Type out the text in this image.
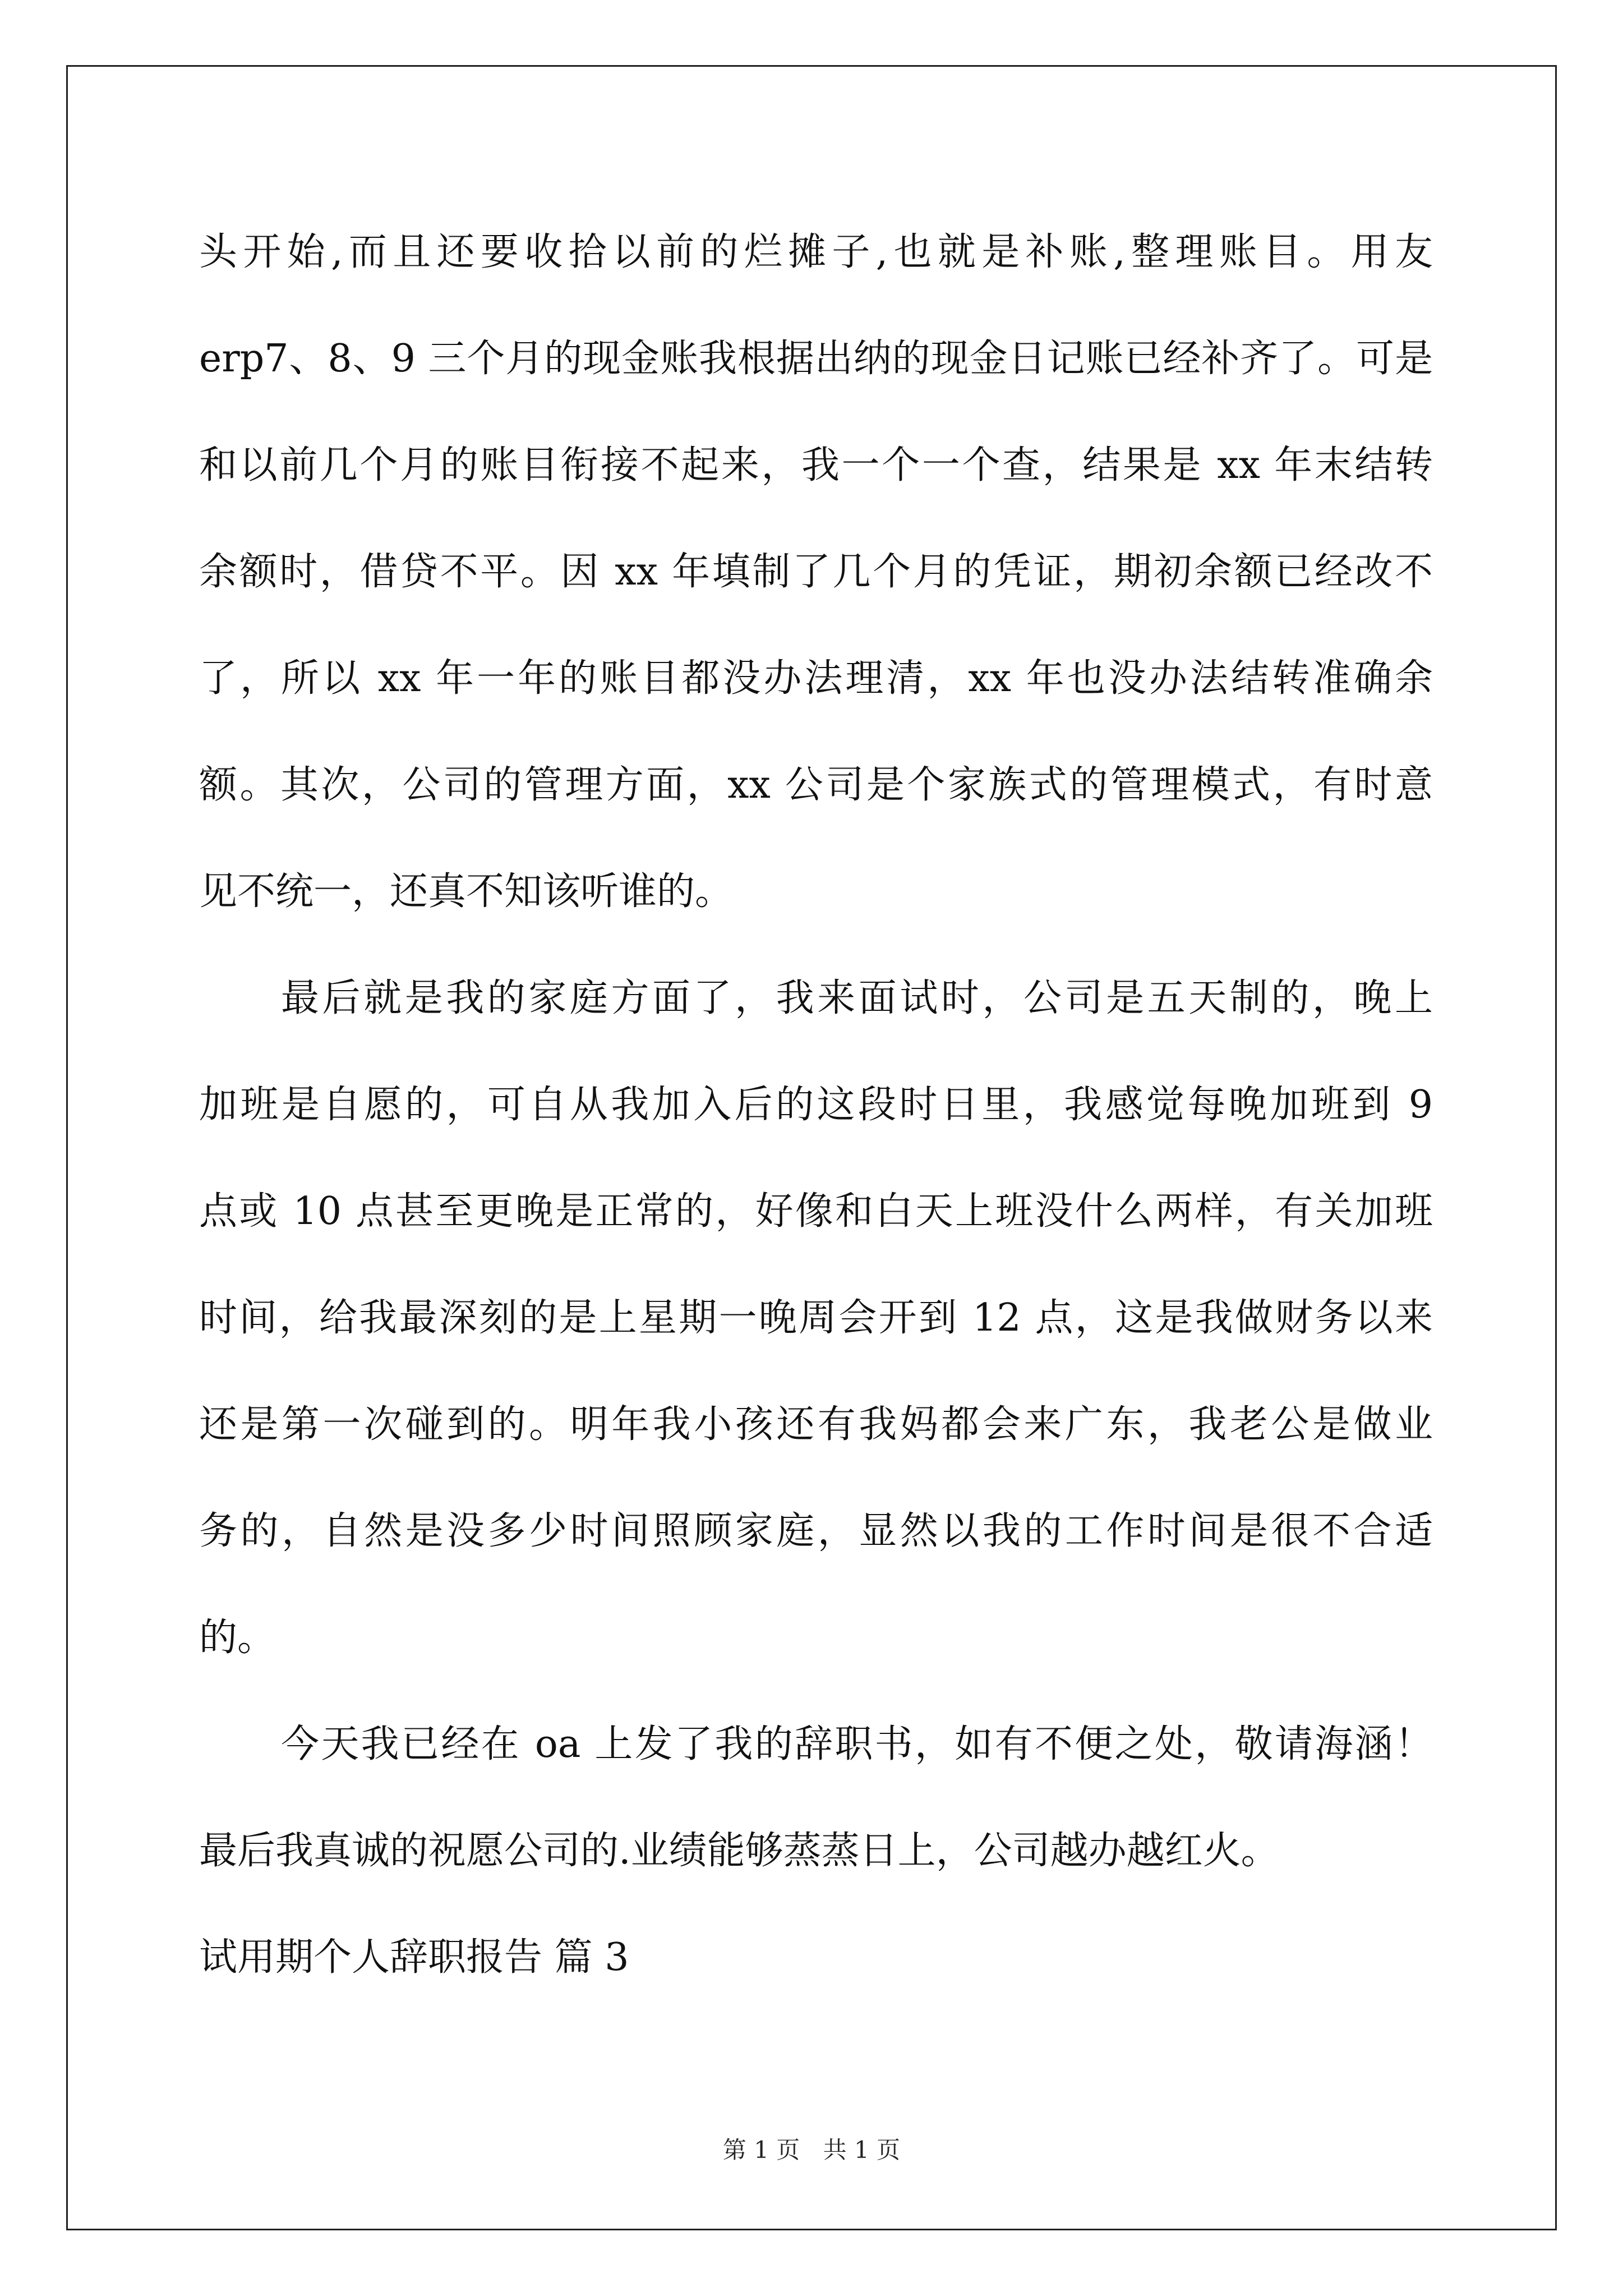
头开始,而且还要收拾以前的烂摊子,也就是补账,整理账目。用友
erp7、8、9 三个月的现金账我根据出纳的现金日记账已经补齐了。可是
和以前几个月的账目衔接不起来，我一个一个查，结果是 xx 年末结转
余额时，借贷不平。因 xx 年填制了几个月的凭证，期初余额已经改不
了，所以 xx 年一年的账目都没办法理清，xx 年也没办法结转准确余
额。其次，公司的管理方面，xx 公司是个家族式的管理模式，有时意
见不统一，还真不知该听谁的。
最后就是我的家庭方面了，我来面试时，公司是五天制的，晚上
加班是自愿的，可自从我加入后的这段时日里，我感觉每晚加班到 9
点或 10 点甚至更晚是正常的，好像和白天上班没什么两样，有关加班
时间，给我最深刻的是上星期一晚周会开到 12 点，这是我做财务以来
还是第一次碰到的。明年我小孩还有我妈都会来广东，我老公是做业
务的，自然是没多少时间照顾家庭，显然以我的工作时间是很不合适
的。
今天我已经在 oa 上发了我的辞职书，如有不便之处，敬请海涵！
最后我真诚的祝愿公司的.业绩能够蒸蒸日上，公司越办越红火。
试用期个人辞职报告 篇 3
第 1 页 共 1 页
